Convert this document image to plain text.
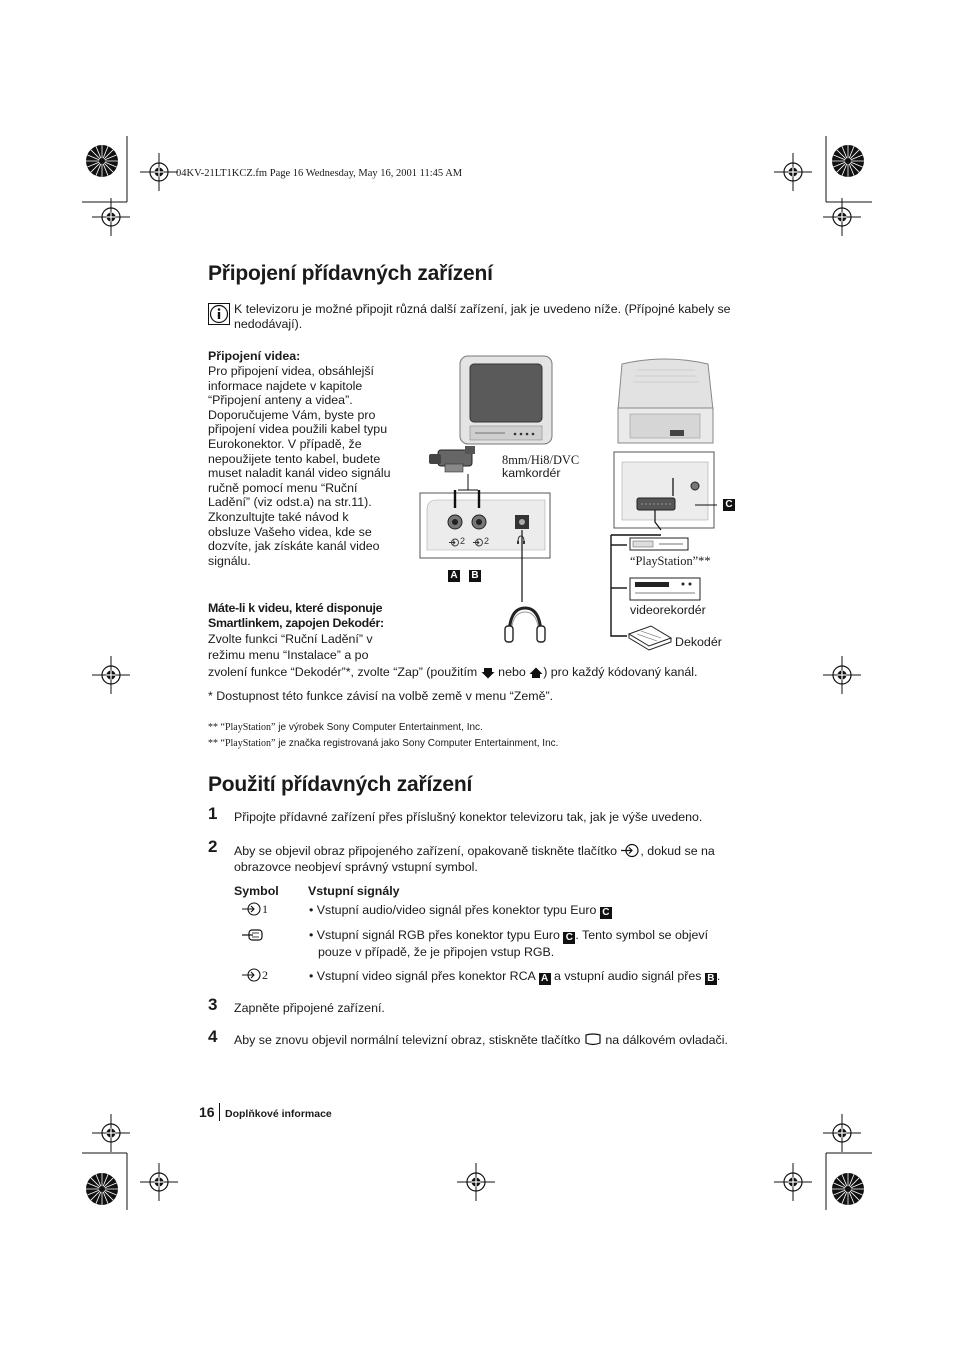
04KV-21LT1KCZ.fm Page 16 Wednesday, May 16, 2001 11:45 AM
Připojení přídavných zařízení
K televizoru je možné připojit různá další zařízení, jak je uvedeno níže. (Přípojné kabely se nedodávají).
Připojení videa:
Pro připojení videa, obsáhlejší
informace najdete v kapitole
“Připojení anteny a videa”.
Doporučujeme Vám, byste pro
připojení videa použili kabel typu
Eurokonektor. V případě, že
nepoužijete tento kabel, budete
muset naladit kanál video signálu
ručně pomocí menu “Ruční
Ladění” (viz odst.a) na str.11).
Zkonzultujte také návod k
obsluze Vašeho videa, kde se
dozvíte, jak získáte kanál video
signálu.
Máte-li k videu, které disponuje
Smartlinkem, zapojen Dekodér:
Zvolte funkci “Ruční Ladění” v
režimu menu “Instalace” a po
zvolení funkce “Dekodér”*, zvolte “Zap” (použitím nebo ) pro každý kódovaný kanál.
* Dostupnost této funkce závisí na volbě země v menu “Země”.
** “PlayStation” je výrobek Sony Computer Entertainment, Inc.
** “PlayStation” je značka registrovaná jako Sony Computer Entertainment, Inc.
8mm/Hi8/DVC
kamkordér
2	2
A B
C
“PlayStation”**
videorekordér
Dekodér
Použití přídavných zařízení
1 Připojte přídavné zařízení přes příslušný konektor televizoru tak, jak je výše uvedeno.
2 Aby se objevil obraz připojeného zařízení, opakovaně tiskněte tlačítko , dokud se na
obrazovce neobjeví správný vstupní symbol.
Symbol Vstupní signály
1	• Vstupní audio/video signál přes konektor typu Euro C
• Vstupní signál RGB přes konektor typu Euro C . Tento symbol se objeví
pouze v případě, že je připojen vstup RGB.
2	• Vstupní video signál přes konektor RCA A a vstupní audio signál přes B .
3 Zapněte připojené zařízení.
4 Aby se znovu objevil normální televizní obraz, stiskněte tlačítko na dálkovém ovladači.
16 Doplňkové informace
